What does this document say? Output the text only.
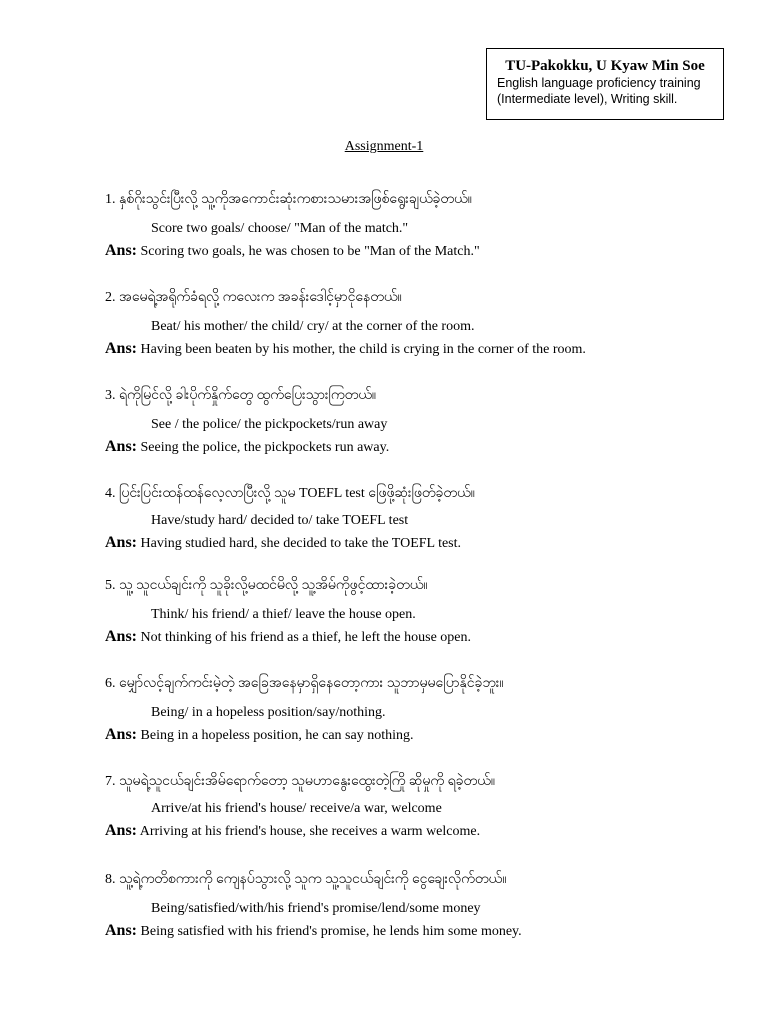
TU-Pakokku, U Kyaw Min Soe
English language proficiency training
(Intermediate level), Writing skill.
Assignment-1
1. နှစ်ဂိုးသွင်းပြီးလို့ သူ့ကိုအကောင်းဆုံးကစားသမားအဖြစ်ရွေးချယ်ခဲ့တယ်။
Score two goals/ choose/ "Man of the match."
Ans: Scoring two goals, he was chosen to be "Man of the Match."
2. အမေရဲ့အရိုက်ခံရလို့ ကလေးက အခန်းဒေါင့်မှာငိုနေတယ်။
Beat/ his mother/ the child/ cry/ at the corner of the room.
Ans: Having been beaten by his mother, the child is crying in the corner of the room.
3. ရဲကိုမြင်လို့ ခါးပိုက်နှိုက်တွေ ထွက်ပြေးသွားကြတယ်။
See / the police/ the pickpockets/run away
Ans: Seeing the police, the pickpockets run away.
4. ပြင်းပြင်းထန်ထန်လေ့လာပြီးလို့ သူမ TOEFL test ဖြေဖို့ဆုံးဖြတ်ခဲ့တယ်။
Have/study hard/ decided to/ take TOEFL test
Ans: Having studied hard, she decided to take the TOEFL test.
5. သူ့ သူငယ်ချင်းကို သူခိုးလို့မထင်မိလို့ သူ့အိမ်ကိုဖွင့်ထားခဲ့တယ်။
Think/ his friend/ a thief/ leave the house open.
Ans: Not thinking of his friend as a thief, he left the house open.
6. မျှော်လင့်ချက်ကင်းမဲ့တဲ့ အခြေအနေမှာရှိနေတော့ကား သူဘာမှမပြောနိုင်ခဲ့ဘူး။
Being/ in a hopeless position/say/nothing.
Ans: Being in a hopeless position, he can say nothing.
7. သူမရဲ့သူငယ်ချင်းအိမ်ရောက်တော့ သူမဟာနွေးထွေးတဲ့ကြို ဆိုမှုကို ရခဲ့တယ်။
Arrive/at his friend's house/ receive/a war, welcome
Ans: Arriving at his friend's house, she receives a warm welcome.
8. သူ့ရဲ့ကတိစကားကို ကျေနပ်သွားလို့ သူက သူ့သူငယ်ချင်းကို ငွေချေးလိုက်တယ်။
Being/satisfied/with/his friend's promise/lend/some money
Ans: Being satisfied with his friend's promise, he lends him some money.
